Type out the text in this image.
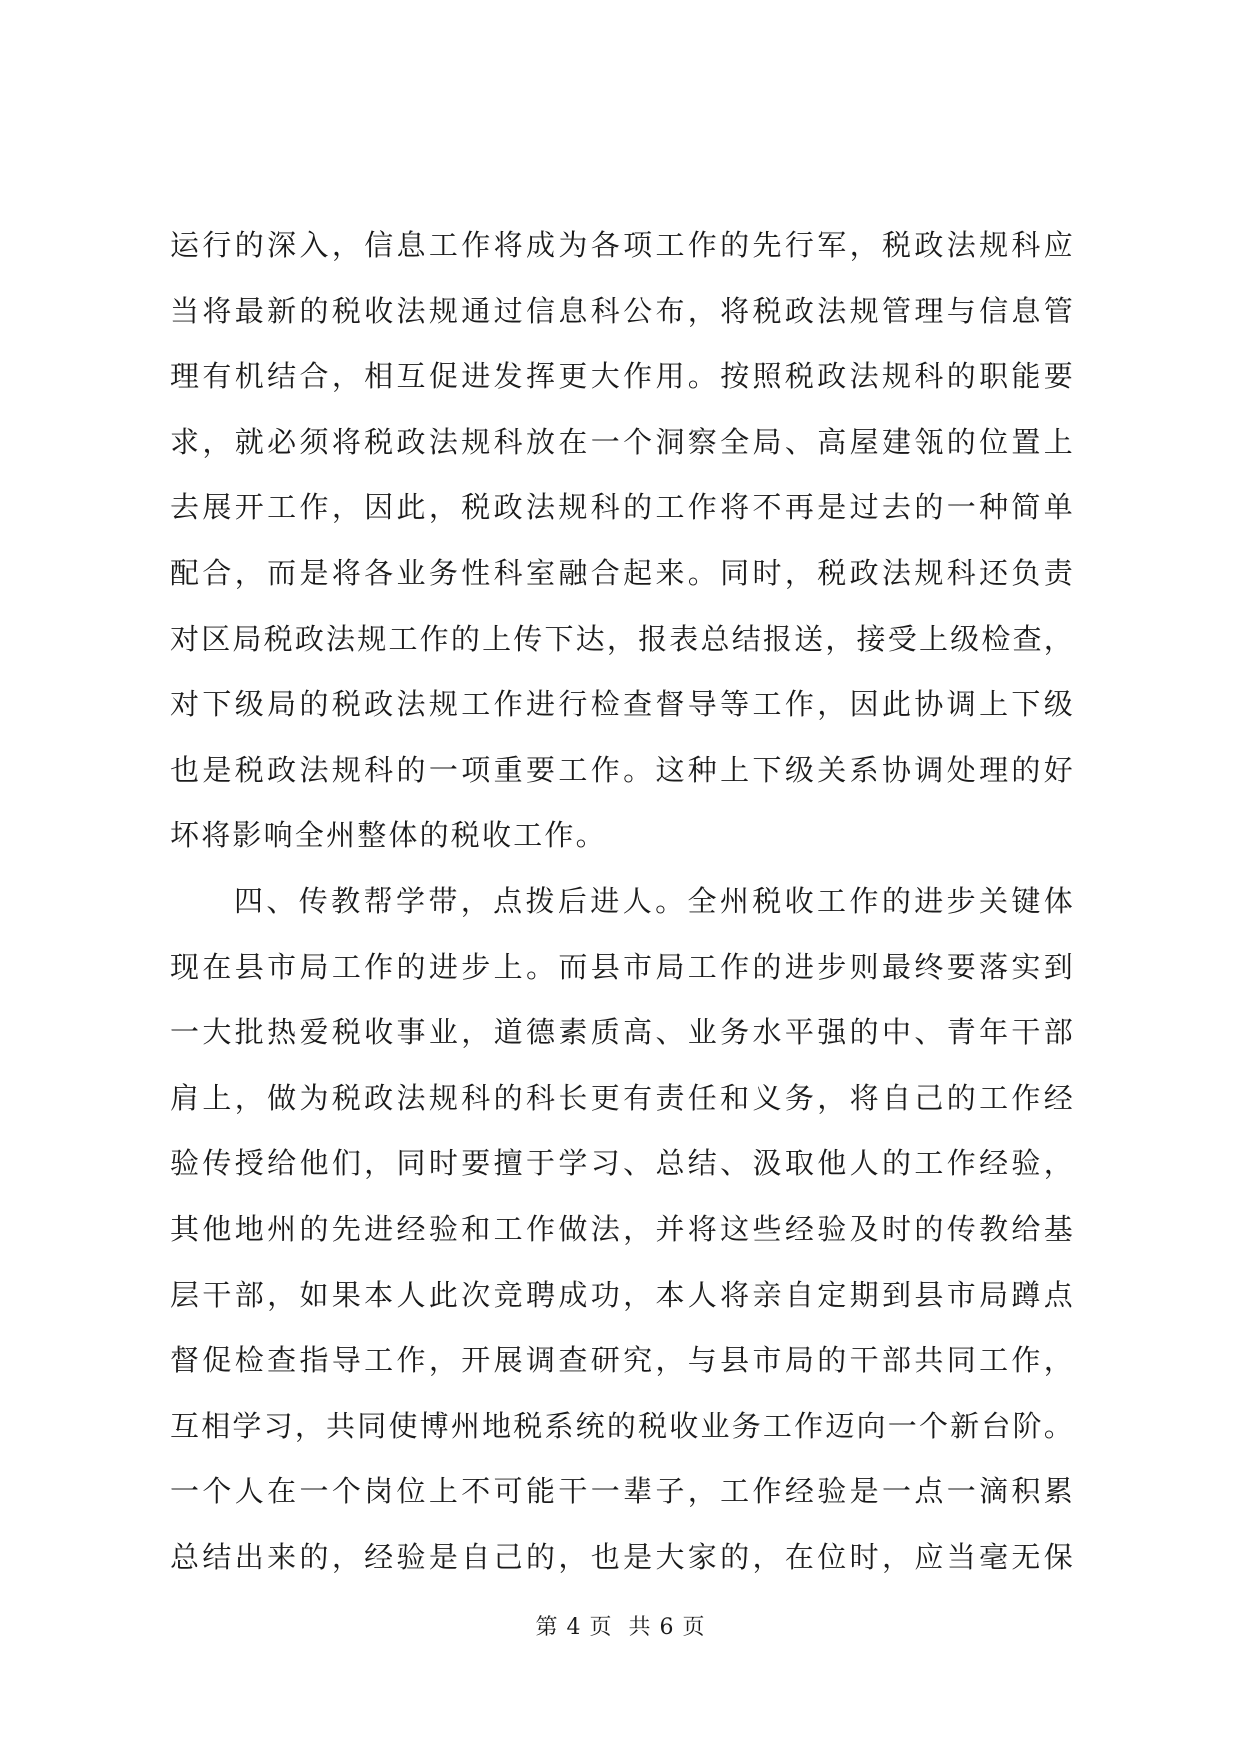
运行的深入，信息工作将成为各项工作的先行军，税政法规科应
当将最新的税收法规通过信息科公布，将税政法规管理与信息管
理有机结合，相互促进发挥更大作用。按照税政法规科的职能要
求，就必须将税政法规科放在一个洞察全局、高屋建瓴的位置上
去展开工作，因此，税政法规科的工作将不再是过去的一种简单
配合，而是将各业务性科室融合起来。同时，税政法规科还负责
对区局税政法规工作的上传下达，报表总结报送，接受上级检查，
对下级局的税政法规工作进行检查督导等工作，因此协调上下级
也是税政法规科的一项重要工作。这种上下级关系协调处理的好
坏将影响全州整体的税收工作。
四、传教帮学带，点拨后进人。全州税收工作的进步关键体
现在县市局工作的进步上。而县市局工作的进步则最终要落实到
一大批热爱税收事业，道德素质高、业务水平强的中、青年干部
肩上，做为税政法规科的科长更有责任和义务，将自己的工作经
验传授给他们，同时要擅于学习、总结、汲取他人的工作经验，
其他地州的先进经验和工作做法，并将这些经验及时的传教给基
层干部，如果本人此次竞聘成功，本人将亲自定期到县市局蹲点
督促检查指导工作，开展调查研究，与县市局的干部共同工作，
互相学习，共同使博州地税系统的税收业务工作迈向一个新台阶。
一个人在一个岗位上不可能干一辈子，工作经验是一点一滴积累
总结出来的，经验是自己的，也是大家的，在位时，应当毫无保
第 4 页  共 6 页
